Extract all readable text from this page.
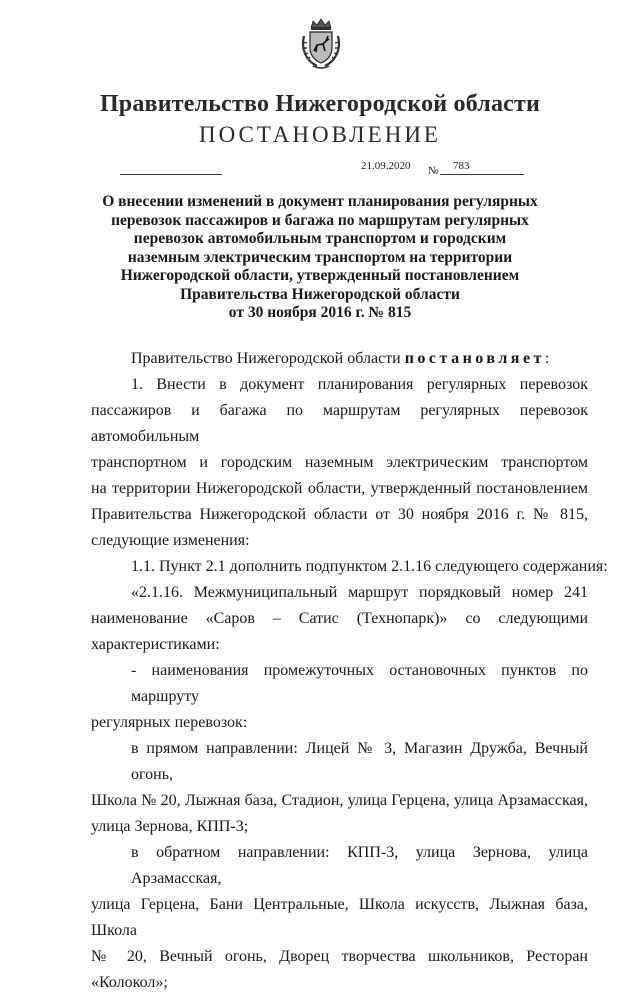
Правительство Нижегородской области
ПОСТАНОВЛЕНИЕ
21.09.2020 № 783
О внесении изменений в документ планирования регулярных
перевозок пассажиров и багажа по маршрутам регулярных
перевозок автомобильным транспортом и городским
наземным электрическим транспортом на территории
Нижегородской области, утвержденный постановлением
Правительства Нижегородской области
от 30 ноября 2016 г. № 815
Правительство Нижегородской области постановляет:
1. Внести в документ планирования регулярных перевозок
пассажиров и багажа по маршрутам регулярных перевозок автомобильным
транспортном и городским наземным электрическим транспортом
на территории Нижегородской области, утвержденный постановлением
Правительства Нижегородской области от 30 ноября 2016 г. № 815,
следующие изменения:
1.1. Пункт 2.1 дополнить подпунктом 2.1.16 следующего содержания:
«2.1.16. Межмуниципальный маршрут порядковый номер 241
наименование «Саров – Сатис (Технопарк)» со следующими
характеристиками:
- наименования промежуточных остановочных пунктов по маршруту
регулярных перевозок:
в прямом направлении: Лицей № 3, Магазин Дружба, Вечный огонь,
Школа № 20, Лыжная база, Стадион, улица Герцена, улица Арзамасская,
улица Зернова, КПП-3;
в обратном направлении: КПП-3, улица Зернова, улица Арзамасская,
улица Герцена, Бани Центральные, Школа искусств, Лыжная база, Школа
№ 20, Вечный огонь, Дворец творчества школьников, Ресторан «Колокол»;
